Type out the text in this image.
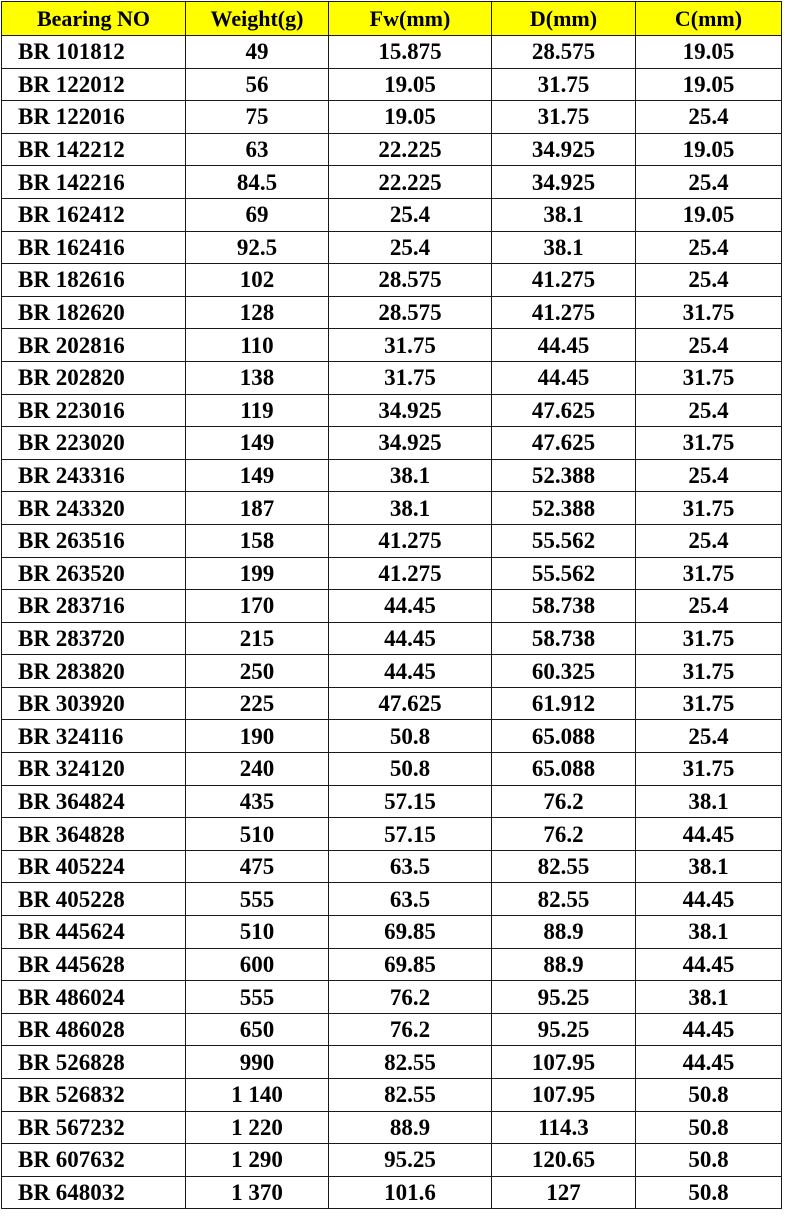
Bearing NO	Weight(g)	Fw(mm)	D(mm)	C(mm)
BR 101812	49	15.875	28.575	19.05
BR 122012	56	19.05	31.75	19.05
BR 122016	75	19.05	31.75	25.4
BR 142212	63	22.225	34.925	19.05
BR 142216	84.5	22.225	34.925	25.4
BR 162412	69	25.4	38.1	19.05
BR 162416	92.5	25.4	38.1	25.4
BR 182616	102	28.575	41.275	25.4
BR 182620	128	28.575	41.275	31.75
BR 202816	110	31.75	44.45	25.4
BR 202820	138	31.75	44.45	31.75
BR 223016	119	34.925	47.625	25.4
BR 223020	149	34.925	47.625	31.75
BR 243316	149	38.1	52.388	25.4
BR 243320	187	38.1	52.388	31.75
BR 263516	158	41.275	55.562	25.4
BR 263520	199	41.275	55.562	31.75
BR 283716	170	44.45	58.738	25.4
BR 283720	215	44.45	58.738	31.75
BR 283820	250	44.45	60.325	31.75
BR 303920	225	47.625	61.912	31.75
BR 324116	190	50.8	65.088	25.4
BR 324120	240	50.8	65.088	31.75
BR 364824	435	57.15	76.2	38.1
BR 364828	510	57.15	76.2	44.45
BR 405224	475	63.5	82.55	38.1
BR 405228	555	63.5	82.55	44.45
BR 445624	510	69.85	88.9	38.1
BR 445628	600	69.85	88.9	44.45
BR 486024	555	76.2	95.25	38.1
BR 486028	650	76.2	95.25	44.45
BR 526828	990	82.55	107.95	44.45
BR 526832	1 140	82.55	107.95	50.8
BR 567232	1 220	88.9	114.3	50.8
BR 607632	1 290	95.25	120.65	50.8
BR 648032	1 370	101.6	127	50.8
